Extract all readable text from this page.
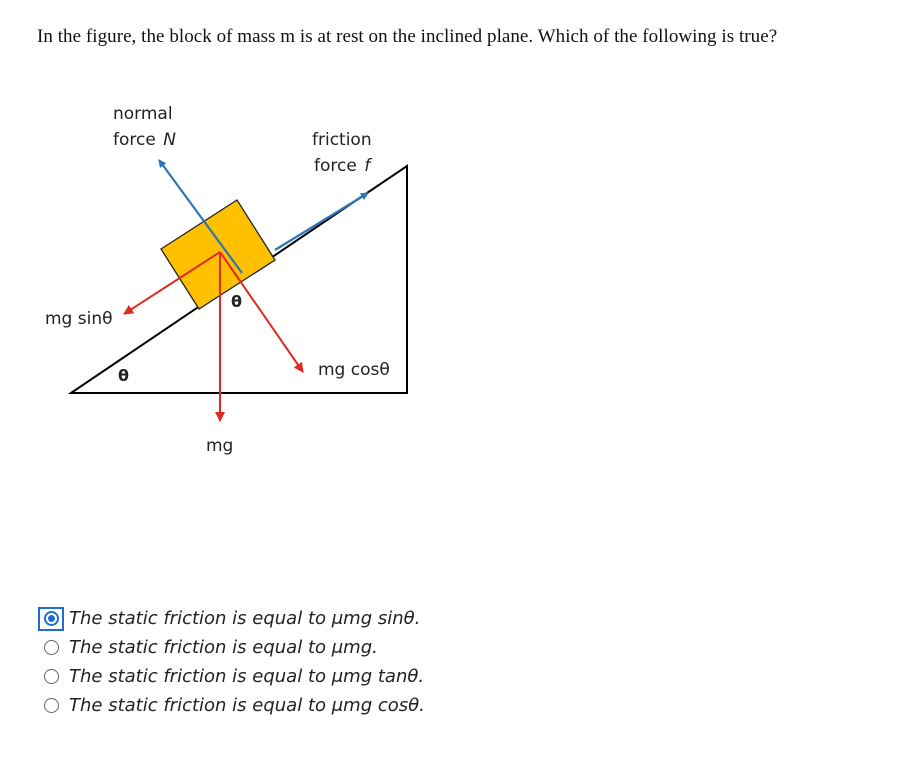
In the figure, the block of mass m is at rest on the inclined plane. Which of the following is true?
normal
force N	friction
force f
mg sinθ
mg cosθ
mg
θ
θ
The static friction is equal to μmg sinθ.
The static friction is equal to μmg.
The static friction is equal to μmg tanθ.
The static friction is equal to μmg cosθ.
